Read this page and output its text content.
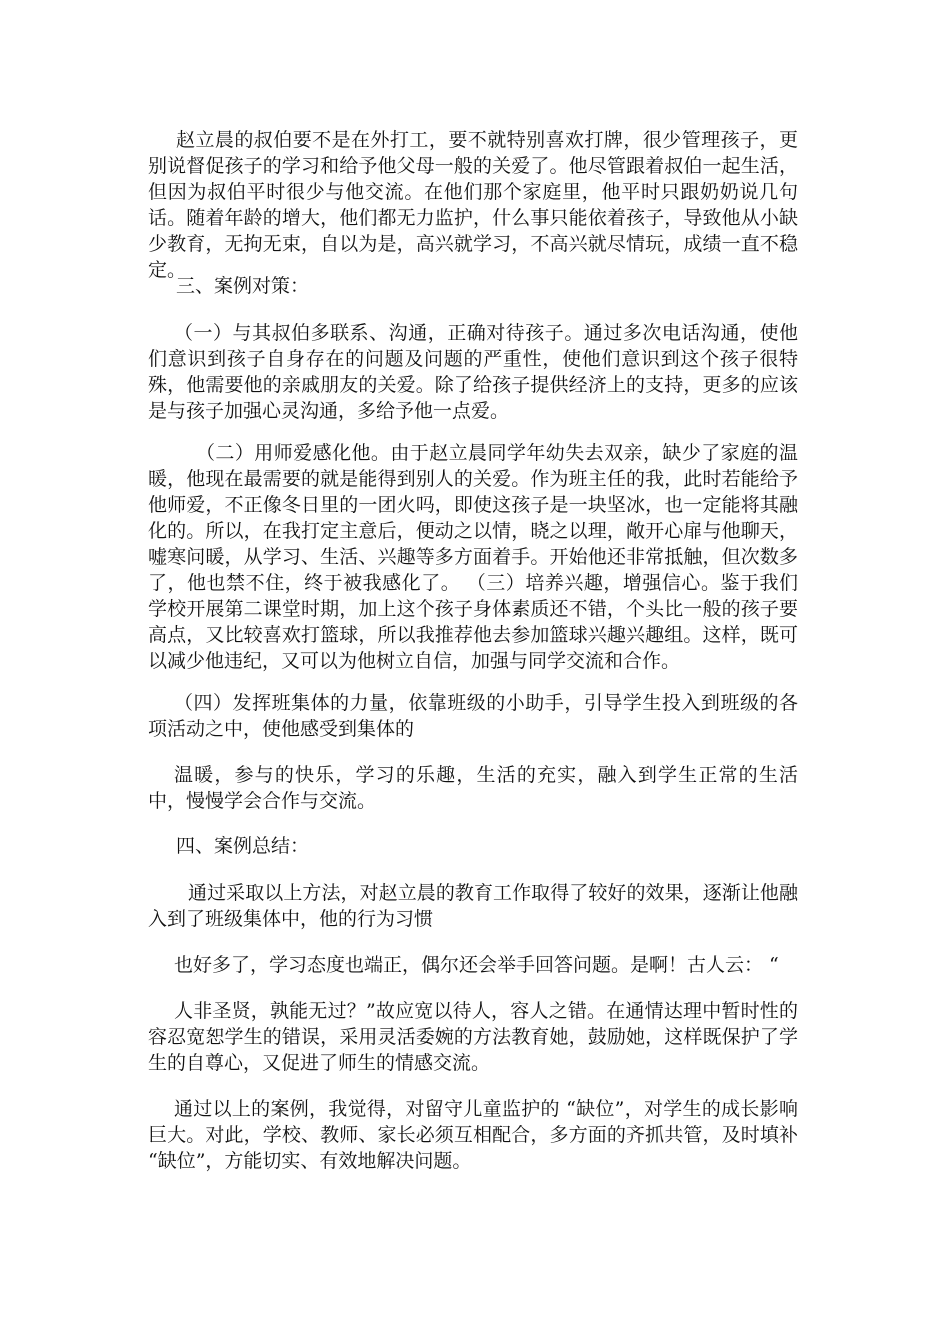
赵立晨的叔伯要不是在外打工，要不就特别喜欢打牌，很少管理孩子，更别说督促孩子的学习和给予他父母一般的关爱了。他尽管跟着叔伯一起生活，但因为叔伯平时很少与他交流。在他们那个家庭里，他平时只跟奶奶说几句话。随着年龄的增大，他们都无力监护，什么事只能依着孩子，导致他从小缺少教育，无拘无束，自以为是，高兴就学习，不高兴就尽情玩，成绩一直不稳定。

三、案例对策：

（一）与其叔伯多联系、沟通，正确对待孩子。通过多次电话沟通，使他们意识到孩子自身存在的问题及问题的严重性，使他们意识到这个孩子很特殊，他需要他的亲戚朋友的关爱。除了给孩子提供经济上的支持，更多的应该是与孩子加强心灵沟通，多给予他一点爱。

（二）用师爱感化他。由于赵立晨同学年幼失去双亲，缺少了家庭的温暖，他现在最需要的就是能得到别人的关爱。作为班主任的我，此时若能给予他师爱，不正像冬日里的一团火吗，即使这孩子是一块坚冰，也一定能将其融化的。所以，在我打定主意后，便动之以情，晓之以理，敞开心扉与他聊天，嘘寒问暖，从学习、生活、兴趣等多方面着手。开始他还非常抵触，但次数多了，他也禁不住，终于被我感化了。 （三）培养兴趣，增强信心。鉴于我们学校开展第二课堂时期，加上这个孩子身体素质还不错，个头比一般的孩子要高点，又比较喜欢打篮球，所以我推荐他去参加篮球兴趣兴趣组。这样，既可以减少他违纪，又可以为他树立自信，加强与同学交流和合作。

（四）发挥班集体的力量，依靠班级的小助手，引导学生投入到班级的各项活动之中，使他感受到集体的

温暖，参与的快乐，学习的乐趣，生活的充实，融入到学生正常的生活中，慢慢学会合作与交流。

四、案例总结：

通过采取以上方法，对赵立晨的教育工作取得了较好的效果，逐渐让他融入到了班级集体中，他的行为习惯

也好多了，学习态度也端正，偶尔还会举手回答问题。是啊！古人云： “

人非圣贤，孰能无过？”故应宽以待人，容人之错。在通情达理中暂时性的容忍宽恕学生的错误，采用灵活委婉的方法教育她，鼓励她，这样既保护了学生的自尊心，又促进了师生的情感交流。

通过以上的案例，我觉得，对留守儿童监护的 “缺位”，对学生的成长影响巨大。对此，学校、教师、家长必须互相配合，多方面的齐抓共管，及时填补 “缺位”，方能切实、有效地解决问题。
